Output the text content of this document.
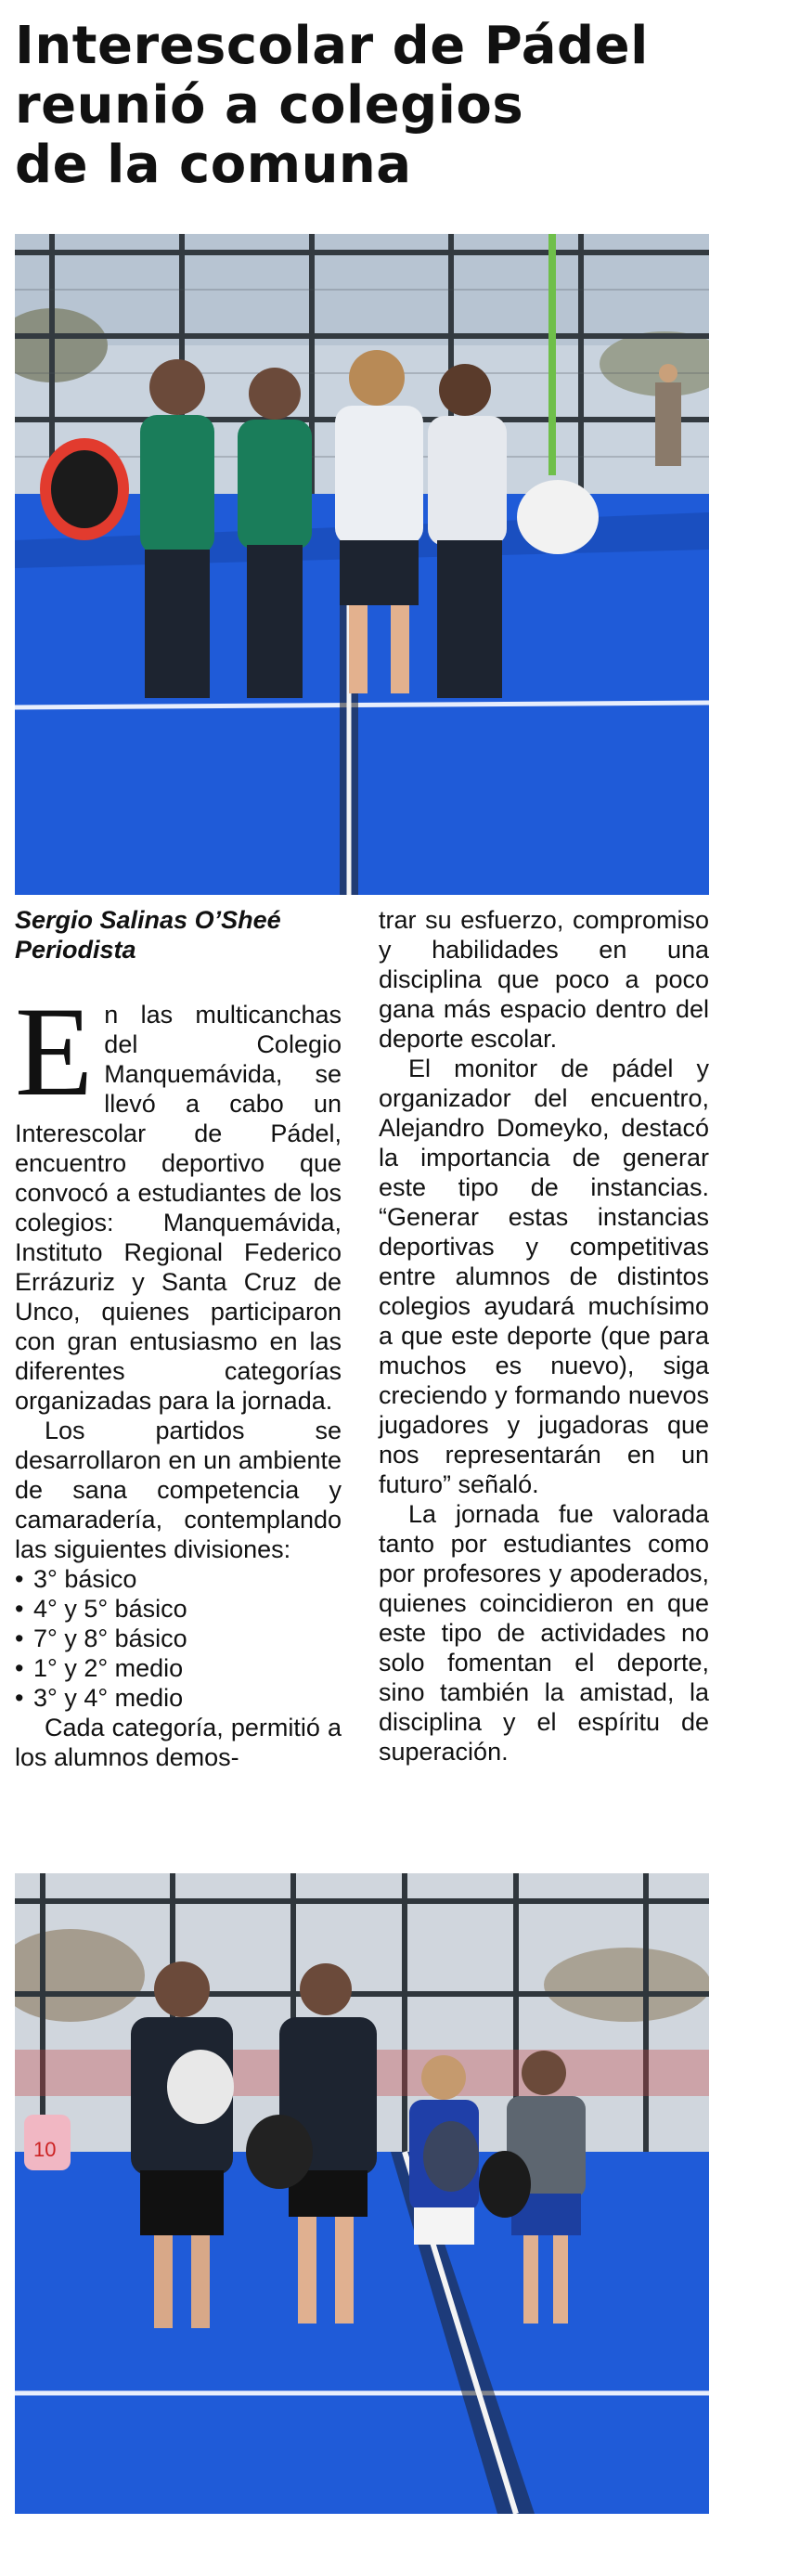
Interescolar de Pádel
reunió a colegios
de la comuna
Sergio Salinas O’Sheé
Periodista

En las multicanchas del Colegio Manquemávida, se llevó a cabo un Interescolar de Pádel, encuentro deportivo que convocó a estudiantes de los colegios: Manquemávida, Instituto Regional Federico Errázuriz y Santa Cruz de Unco, quienes participaron con gran entusiasmo en las diferentes categorías organizadas para la jornada.

Los partidos se desarrollaron en un ambiente de sana competencia y camaradería, contemplando las siguientes divisiones:

• 3° básico
• 4° y 5° básico
• 7° y 8° básico
• 1° y 2° medio
• 3° y 4° medio

Cada categoría, permitió a los alumnos demos-

trar su esfuerzo, compromiso y habilidades en una disciplina que poco a poco gana más espacio dentro del deporte escolar.

El monitor de pádel y organizador del encuentro, Alejandro Domeyko, destacó la importancia de generar este tipo de instancias. “Generar estas instancias deportivas y competitivas entre alumnos de distintos colegios ayudará muchísimo a que este deporte (que para muchos es nuevo), siga creciendo y formando nuevos jugadores y jugadoras que nos representarán en un futuro” señaló.

La jornada fue valorada tanto por estudiantes como por profesores y apoderados, quienes coincidieron en que este tipo de actividades no solo fomentan el deporte, sino también la amistad, la disciplina y el espíritu de superación.

10
